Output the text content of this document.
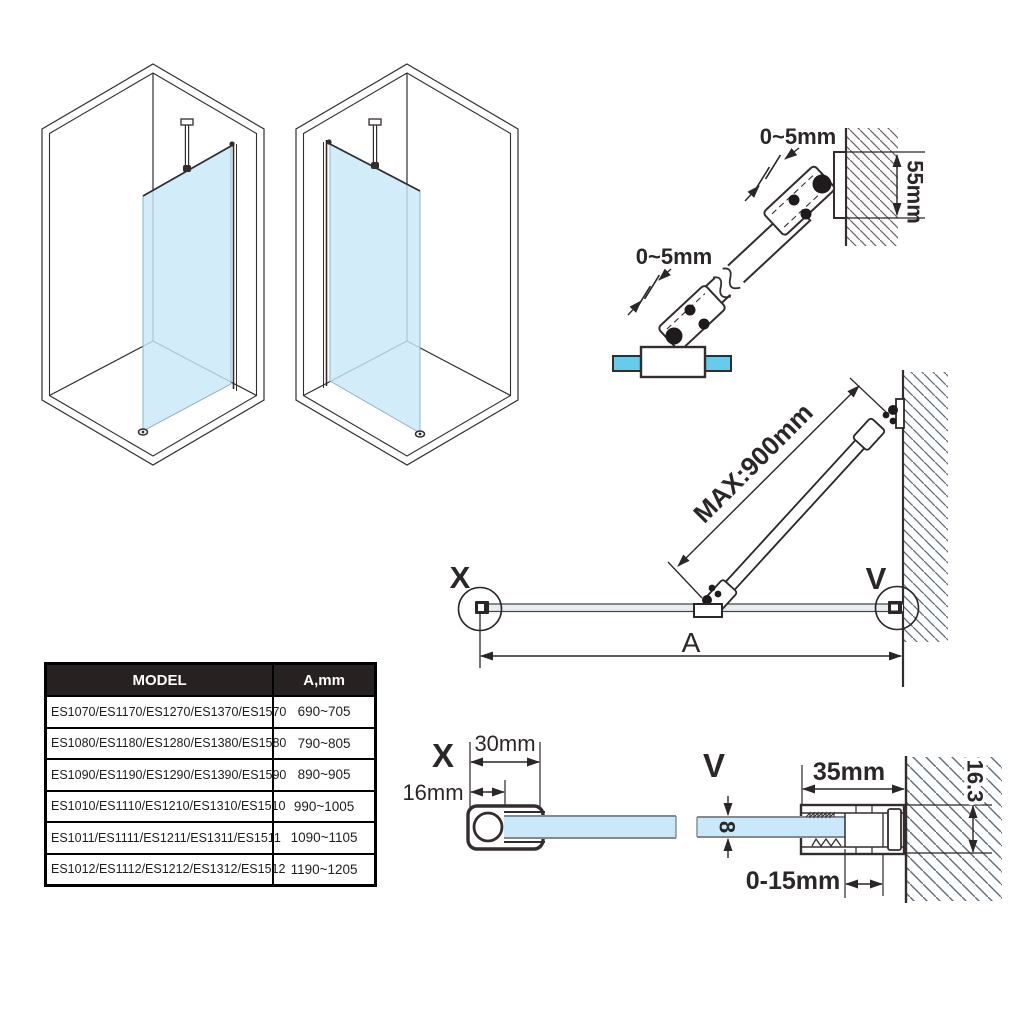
55mm
0~5mm
0~5mm
MAX:900mm
X	V
A
X 30mm
16mm
V	35mm	16.3
8
0-15mm
MODEL	A,mm
ES1070/ES1170/ES1270/ES1370/ES1570	690~705
ES1080/ES1180/ES1280/ES1380/ES1580	790~805
ES1090/ES1190/ES1290/ES1390/ES1590	890~905
ES1010/ES1110/ES1210/ES1310/ES1510	990~1005
ES1011/ES1111/ES1211/ES1311/ES1511	1090~1105
ES1012/ES1112/ES1212/ES1312/ES1512	1190~1205
